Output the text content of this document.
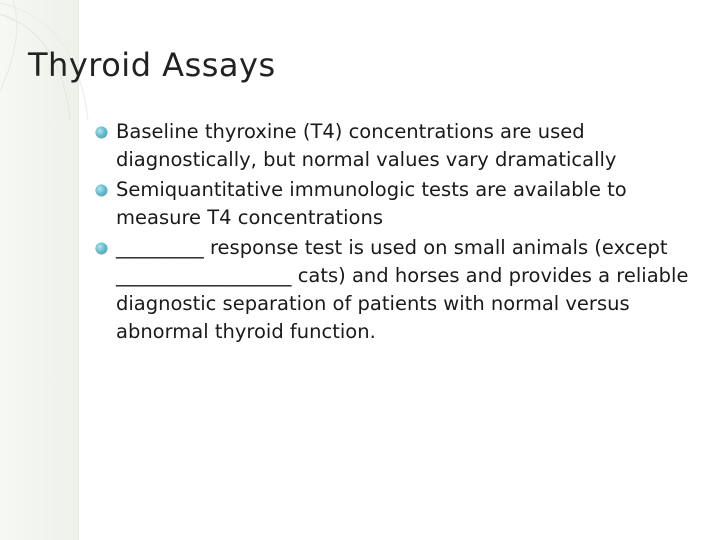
Thyroid Assays
Baseline thyroxine (T4) concentrations are used diagnostically, but normal values vary dramatically
Semiquantitative immunologic tests are available to measure T4 concentrations
_________ response test is used on small animals (except __________________ cats) and horses and provides a reliable diagnostic separation of patients with normal versus abnormal thyroid function.
